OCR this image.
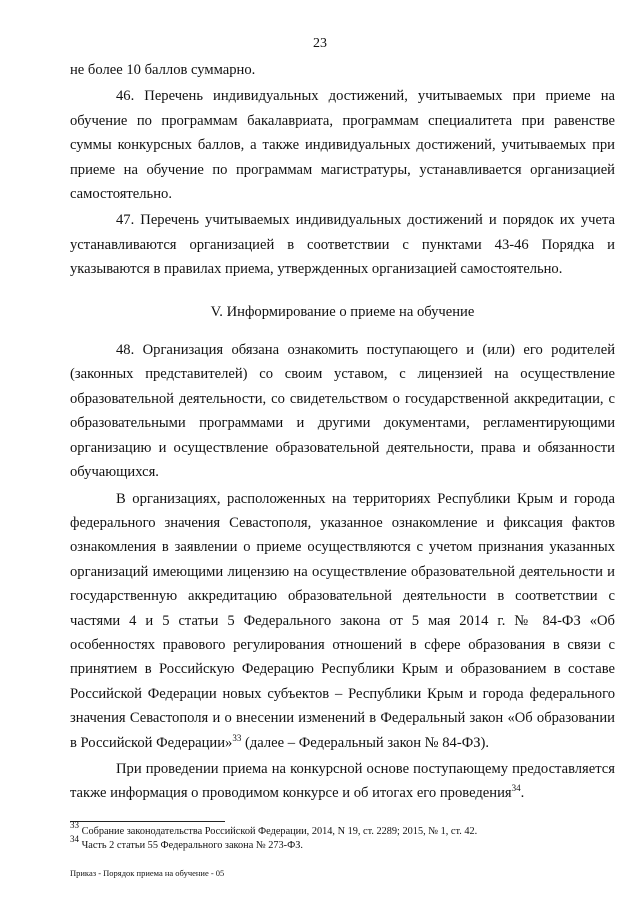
23

не более 10 баллов суммарно.

46. Перечень индивидуальных достижений, учитываемых при приеме на обучение по программам бакалавриата, программам специалитета при равенстве суммы конкурсных баллов, а также индивидуальных достижений, учитываемых при приеме на обучение по программам магистратуры, устанавливается организацией самостоятельно.

47. Перечень учитываемых индивидуальных достижений и порядок их учета устанавливаются организацией в соответствии с пунктами 43-46 Порядка и указываются в правилах приема, утвержденных организацией самостоятельно.

V. Информирование о приеме на обучение

48. Организация обязана ознакомить поступающего и (или) его родителей (законных представителей) со своим уставом, с лицензией на осуществление образовательной деятельности, со свидетельством о государственной аккредитации, с образовательными программами и другими документами, регламентирующими организацию и осуществление образовательной деятельности, права и обязанности обучающихся.

В организациях, расположенных на территориях Республики Крым и города федерального значения Севастополя, указанное ознакомление и фиксация фактов ознакомления в заявлении о приеме осуществляются с учетом признания указанных организаций имеющими лицензию на осуществление образовательной деятельности и государственную аккредитацию образовательной деятельности в соответствии с частями 4 и 5 статьи 5 Федерального закона от 5 мая 2014 г. № 84-ФЗ «Об особенностях правового регулирования отношений в сфере образования в связи с принятием в Российскую Федерацию Республики Крым и образованием в составе Российской Федерации новых субъектов – Республики Крым и города федерального значения Севастополя и о внесении изменений в Федеральный закон «Об образовании в Российской Федерации»$^{33}$ (далее – Федеральный закон № 84-ФЗ).

При проведении приема на конкурсной основе поступающему предоставляется также информация о проводимом конкурсе и об итогах его проведения$^{34}$.

$^{33}$ Собрание законодательства Российской Федерации, 2014, N 19, ст. 2289; 2015, № 1, ст. 42.

$^{34}$ Часть 2 статьи 55 Федерального закона № 273-ФЗ.

Приказ - Порядок приема на обучение - 05
